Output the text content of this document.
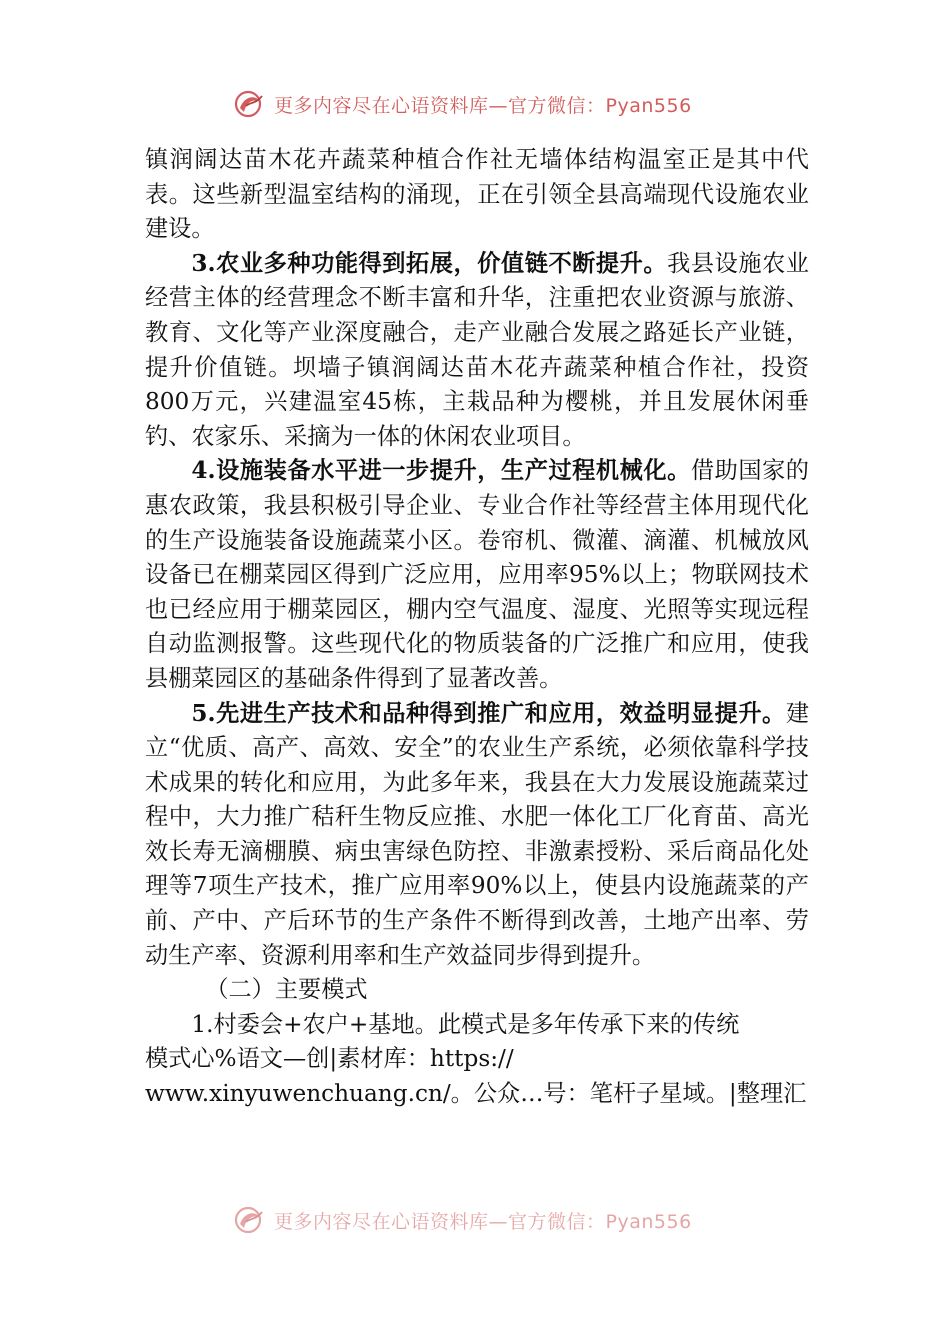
更多内容尽在心语资料库—官方微信：Pyan556

镇润阔达苗木花卉蔬菜种植合作社无墙体结构温室正是其中代表。这些新型温室结构的涌现，正在引领全县高端现代设施农业建设。

3.农业多种功能得到拓展，价值链不断提升。我县设施农业经营主体的经营理念不断丰富和升华，注重把农业资源与旅游、教育、文化等产业深度融合，走产业融合发展之路延长产业链，提升价值链。坝墙子镇润阔达苗木花卉蔬菜种植合作社，投资800万元，兴建温室45栋，主栽品种为樱桃，并且发展休闲垂钓、农家乐、采摘为一体的休闲农业项目。

4.设施装备水平进一步提升，生产过程机械化。借助国家的惠农政策，我县积极引导企业、专业合作社等经营主体用现代化的生产设施装备设施蔬菜小区。卷帘机、微灌、滴灌、机械放风设备已在棚菜园区得到广泛应用，应用率95%以上；物联网技术也已经应用于棚菜园区，棚内空气温度、湿度、光照等实现远程自动监测报警。这些现代化的物质装备的广泛推广和应用，使我县棚菜园区的基础条件得到了显著改善。

5.先进生产技术和品种得到推广和应用，效益明显提升。建立“优质、高产、高效、安全”的农业生产系统，必须依靠科学技术成果的转化和应用，为此多年来，我县在大力发展设施蔬菜过程中，大力推广秸秆生物反应推、水肥一体化工厂化育苗、高光效长寿无滴棚膜、病虫害绿色防控、非激素授粉、采后商品化处理等7项生产技术，推广应用率90%以上，使县内设施蔬菜的产前、产中、产后环节的生产条件不断得到改善，土地产出率、劳动生产率、资源利用率和生产效益同步得到提升。

（二）主要模式

1.村委会+农户+基地。此模式是多年传承下来的传统

模式心%语文—创|素材库：https://

www.xinyuwenchuang.cn/。公众…号：笔杆子星域。|整理汇

更多内容尽在心语资料库—官方微信：Pyan556
